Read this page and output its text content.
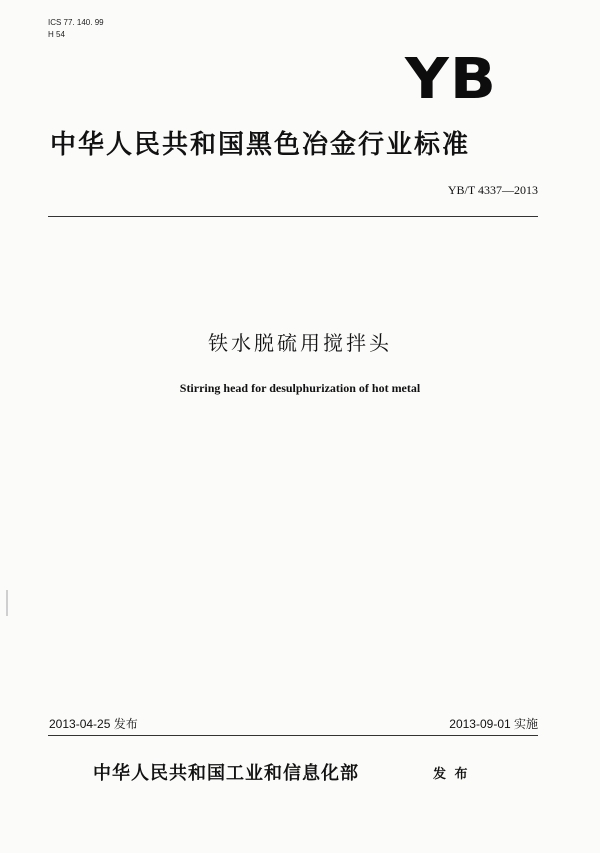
ICS 77. 140. 99
H 54
YB
中华人民共和国黑色冶金行业标准
YB/T 4337—2013
铁水脱硫用搅拌头
Stirring head for desulphurization of hot metal
2013-04-25 发布	2013-09-01 实施
中华人民共和国工业和信息化部	发 布
